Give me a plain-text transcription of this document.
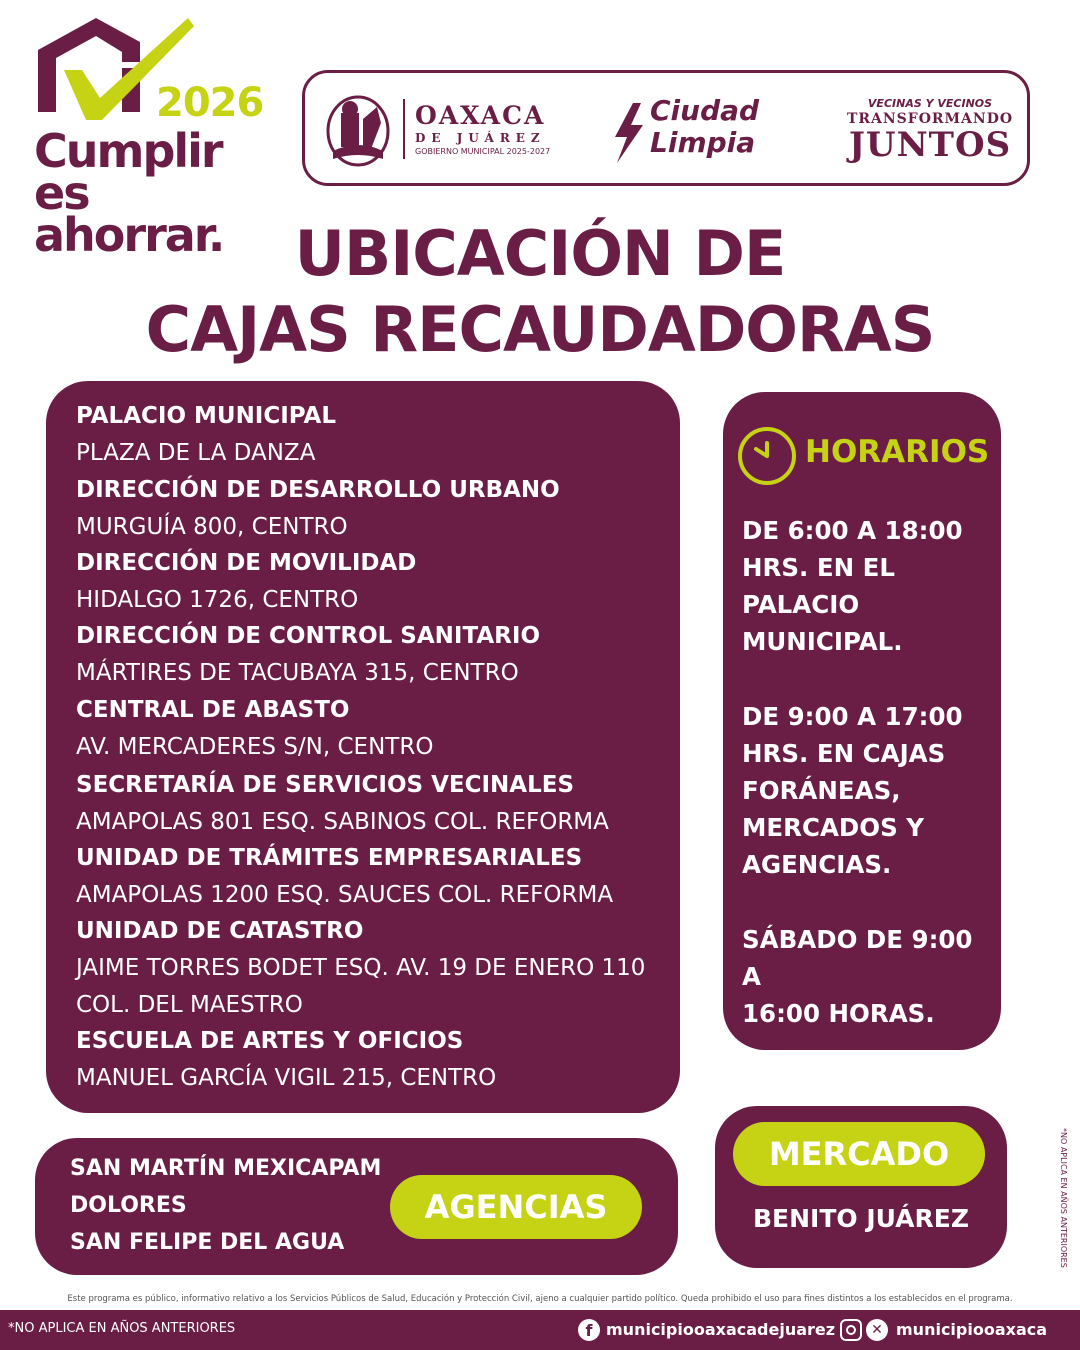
2026
Cumplir es
ahorrar.
OAXACA
DE JUÁREZ
GOBIERNO MUNICIPAL 2025-2027
Ciudad
Limpia
VECINAS Y VECINOS
TRANSFORMANDO
JUNTOS
UBICACIÓN DE
CAJAS RECAUDADORAS
PALACIO MUNICIPAL
PLAZA DE LA DANZA
DIRECCIÓN DE DESARROLLO URBANO
MURGUÍA 800, CENTRO
DIRECCIÓN DE MOVILIDAD
HIDALGO 1726, CENTRO
DIRECCIÓN DE CONTROL SANITARIO
MÁRTIRES DE TACUBAYA 315, CENTRO
CENTRAL DE ABASTO
AV. MERCADERES S/N, CENTRO
SECRETARÍA DE SERVICIOS VECINALES
AMAPOLAS 801 ESQ. SABINOS COL. REFORMA
UNIDAD DE TRÁMITES EMPRESARIALES
AMAPOLAS 1200 ESQ. SAUCES COL. REFORMA
UNIDAD DE CATASTRO
JAIME TORRES BODET ESQ. AV. 19 DE ENERO 110
COL. DEL MAESTRO
ESCUELA DE ARTES Y OFICIOS
MANUEL GARCÍA VIGIL 215, CENTRO
HORARIOS
DE 6:00 A 18:00
HRS. EN EL
PALACIO
MUNICIPAL.
DE 9:00 A 17:00
HRS. EN CAJAS
FORÁNEAS,
MERCADOS Y
AGENCIAS.
SÁBADO DE 9:00 A
16:00 HORAS.
SAN MARTÍN MEXICAPAM
DOLORES
SAN FELIPE DEL AGUA
AGENCIAS
MERCADO
BENITO JUÁREZ	*NO APLICA EN AÑOS ANTERIORES
Este programa es público, informativo relativo a los Servicios Públicos de Salud, Educación y Protección Civil, ajeno a cualquier partido político. Queda prohibido el uso para fines distintos a los establecidos en el programa.
*NO APLICA EN AÑOS ANTERIORES	f municipiooaxacadejuarez	✕ municipiooaxaca
